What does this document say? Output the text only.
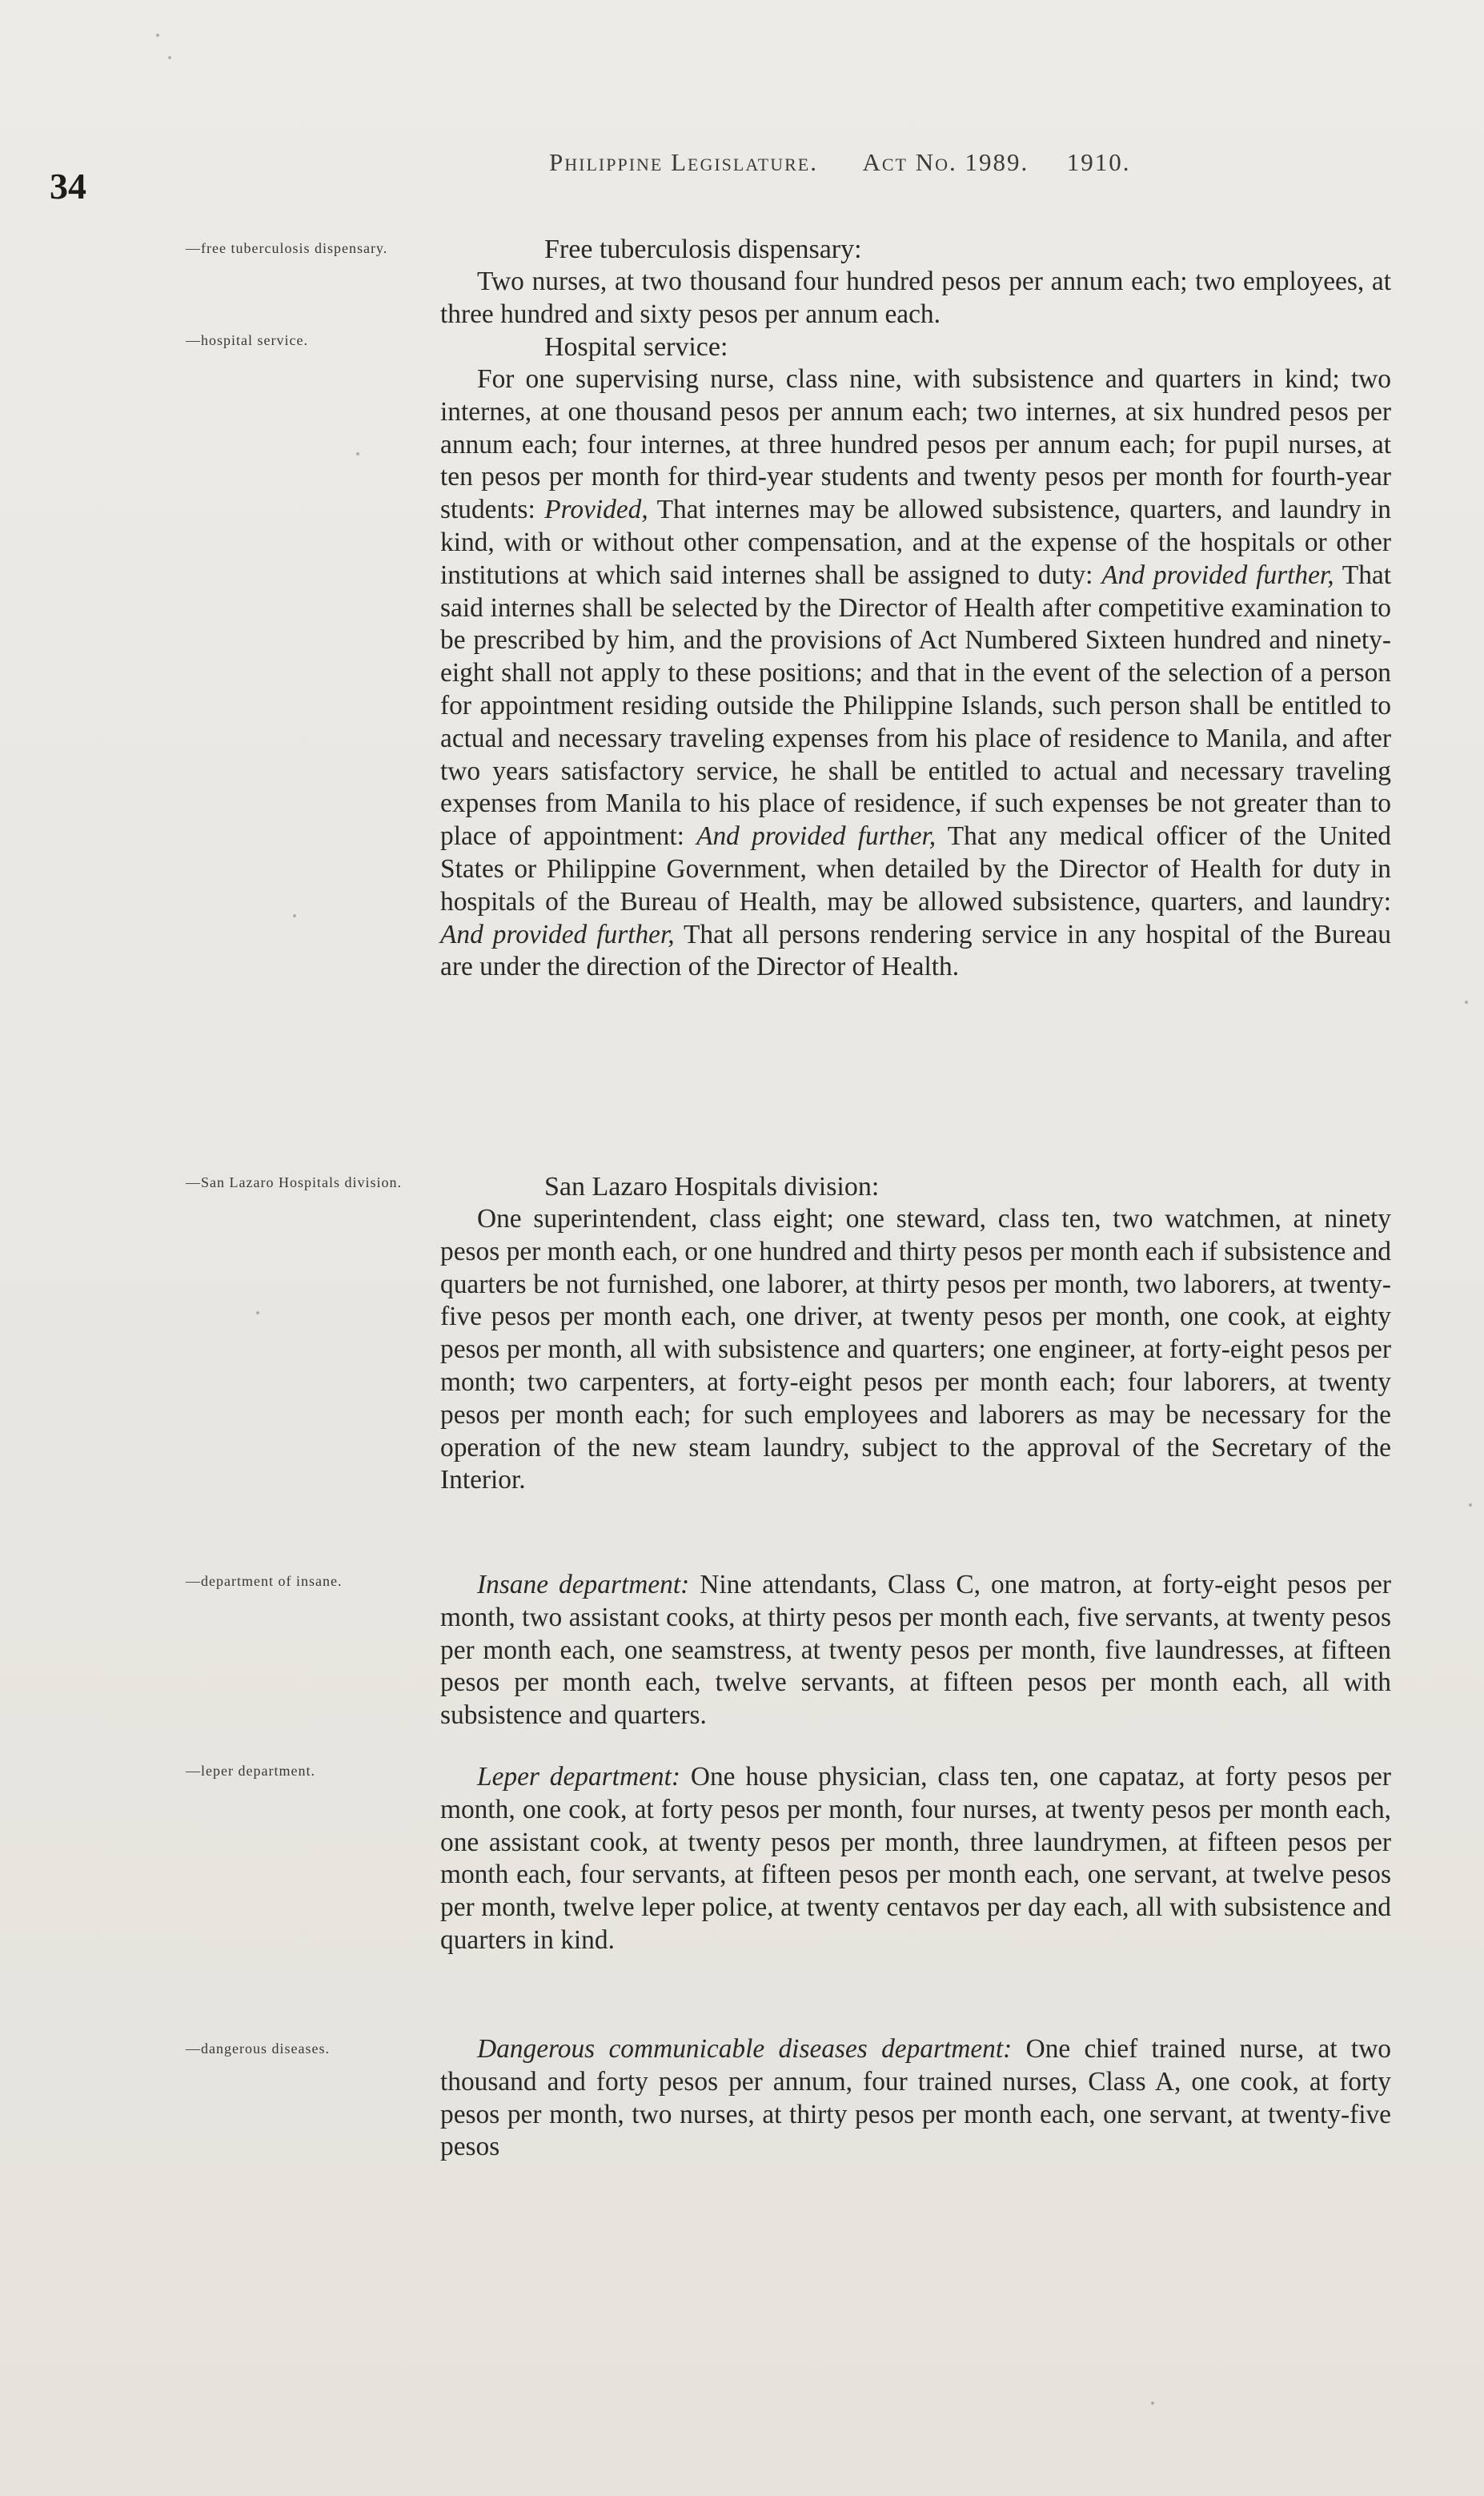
34
Philippine Legislature. Act No. 1989. 1910.
—free tuberculosis dispensary.
—hospital service.
—San Lazaro Hospitals division.
—department of insane.
—leper department.
—dangerous diseases.

Free tuberculosis dispensary:

Two nurses, at two thousand four hundred pesos per annum each; two employees, at three hundred and sixty pesos per annum each.

Hospital service:

For one supervising nurse, class nine, with subsistence and quarters in kind; two internes, at one thousand pesos per annum each; two internes, at six hundred pesos per annum each; four internes, at three hundred pesos per annum each; for pupil nurses, at ten pesos per month for third-year students and twenty pesos per month for fourth-year students: Provided, That internes may be allowed subsistence, quarters, and laundry in kind, with or without other compensation, and at the expense of the hospitals or other institutions at which said internes shall be assigned to duty: And provided further, That said internes shall be selected by the Director of Health after competitive examination to be prescribed by him, and the provisions of Act Numbered Sixteen hundred and ninety-eight shall not apply to these positions; and that in the event of the selection of a person for appointment residing outside the Philippine Islands, such person shall be entitled to actual and necessary traveling expenses from his place of residence to Manila, and after two years satisfactory service, he shall be entitled to actual and necessary traveling expenses from Manila to his place of residence, if such expenses be not greater than to place of appointment: And provided further, That any medical officer of the United States or Philippine Government, when detailed by the Director of Health for duty in hospitals of the Bureau of Health, may be allowed subsistence, quarters, and laundry: And provided further, That all persons rendering service in any hospital of the Bureau are under the direction of the Director of Health.

San Lazaro Hospitals division:

One superintendent, class eight; one steward, class ten, two watchmen, at ninety pesos per month each, or one hundred and thirty pesos per month each if subsistence and quarters be not furnished, one laborer, at thirty pesos per month, two laborers, at twenty-five pesos per month each, one driver, at twenty pesos per month, one cook, at eighty pesos per month, all with subsistence and quarters; one engineer, at forty-eight pesos per month; two carpenters, at forty-eight pesos per month each; four laborers, at twenty pesos per month each; for such employees and laborers as may be necessary for the operation of the new steam laundry, subject to the approval of the Secretary of the Interior.

Insane department: Nine attendants, Class C, one matron, at forty-eight pesos per month, two assistant cooks, at thirty pesos per month each, five servants, at twenty pesos per month each, one seamstress, at twenty pesos per month, five laundresses, at fifteen pesos per month each, twelve servants, at fifteen pesos per month each, all with subsistence and quarters.

Leper department: One house physician, class ten, one capataz, at forty pesos per month, one cook, at forty pesos per month, four nurses, at twenty pesos per month each, one assistant cook, at twenty pesos per month, three laundrymen, at fifteen pesos per month each, four servants, at fifteen pesos per month each, one servant, at twelve pesos per month, twelve leper police, at twenty centavos per day each, all with subsistence and quarters in kind.

Dangerous communicable diseases department: One chief trained nurse, at two thousand and forty pesos per annum, four trained nurses, Class A, one cook, at forty pesos per month, two nurses, at thirty pesos per month each, one servant, at twenty-five pesos
